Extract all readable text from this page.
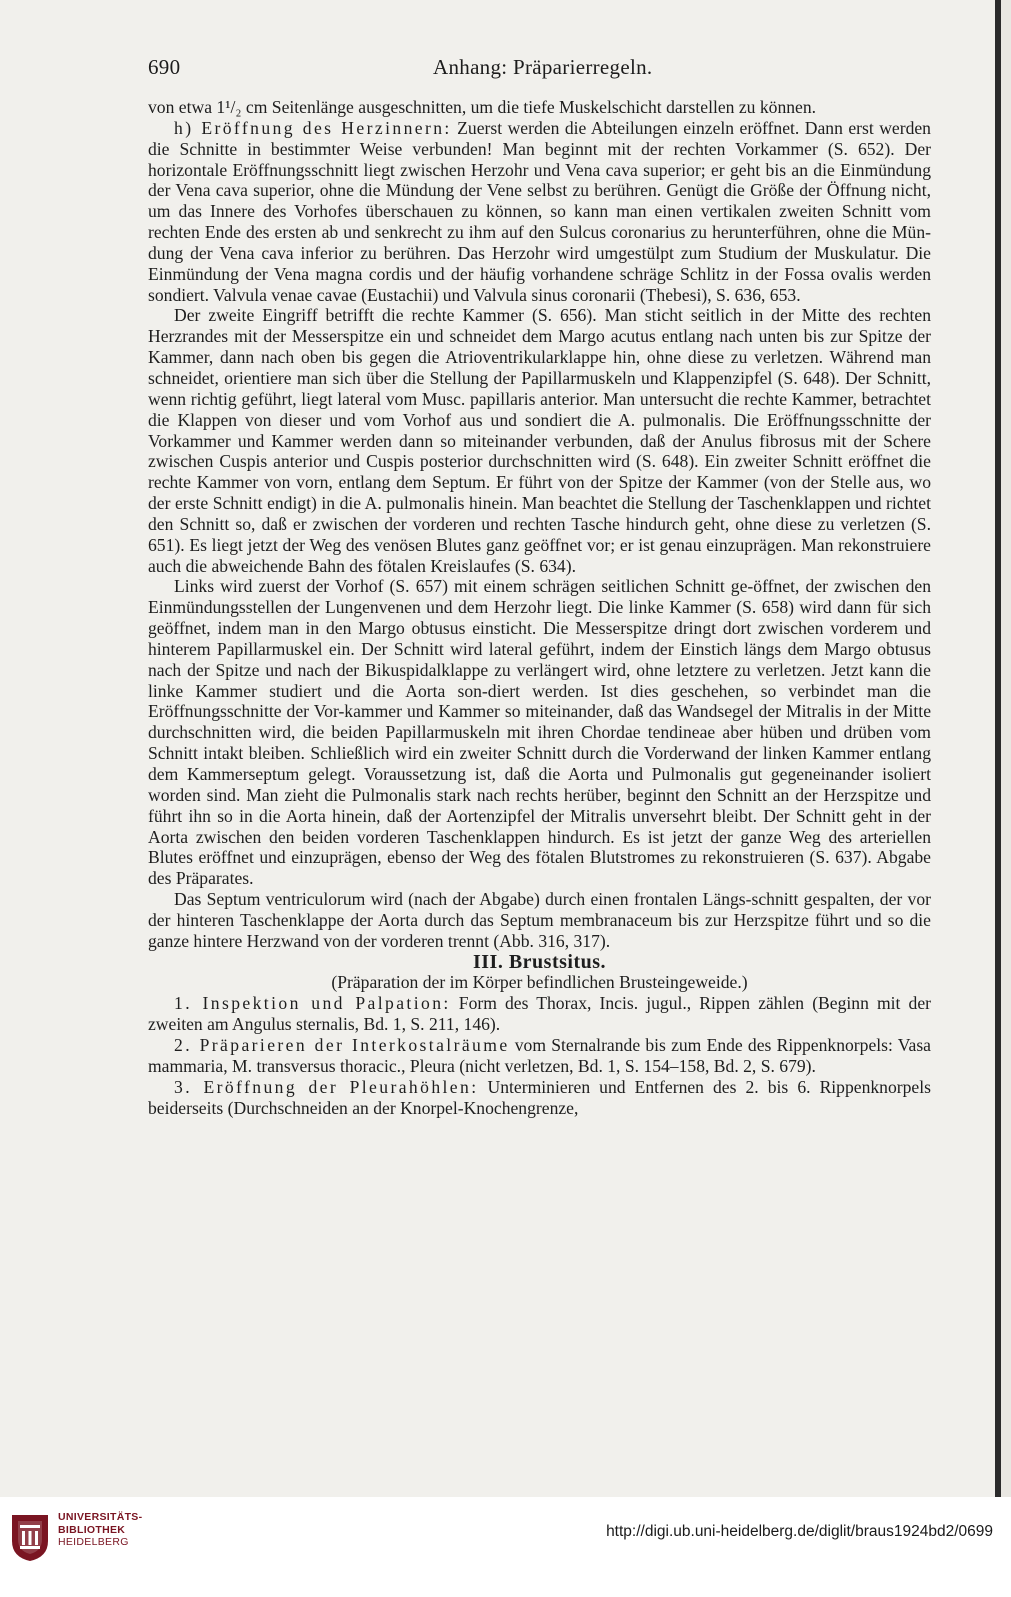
690	Anhang: Präparierregeln.

von etwa 1¹/₂ cm Seitenlänge ausgeschnitten, um die tiefe Muskelschicht darstellen zu können.

h) Eröffnung des Herzinnern: Zuerst werden die Abteilungen einzeln eröffnet. Dann erst werden die Schnitte in bestimmter Weise verbunden! Man beginnt mit der rechten Vorkammer (S. 652). Der horizontale Eröffnungsschnitt liegt zwischen Herzohr und Vena cava superior; er geht bis an die Einmündung der Vena cava superior, ohne die Mündung der Vene selbst zu berühren. Genügt die Größe der Öffnung nicht, um das Innere des Vorhofes überschauen zu können, so kann man einen vertikalen zweiten Schnitt vom rechten Ende des ersten ab und senkrecht zu ihm auf den Sulcus coronarius zu herunterführen, ohne die Mün-dung der Vena cava inferior zu berühren. Das Herzohr wird umgestülpt zum Studium der Muskulatur. Die Einmündung der Vena magna cordis und der häufig vorhandene schräge Schlitz in der Fossa ovalis werden sondiert. Valvula venae cavae (Eustachii) und Valvula sinus coronarii (Thebesi), S. 636, 653.

Der zweite Eingriff betrifft die rechte Kammer (S. 656). Man sticht seitlich in der Mitte des rechten Herzrandes mit der Messerspitze ein und schneidet dem Margo acutus entlang nach unten bis zur Spitze der Kammer, dann nach oben bis gegen die Atrioventrikularklappe hin, ohne diese zu verletzen. Während man schneidet, orientiere man sich über die Stellung der Papillarmuskeln und Klappenzipfel (S. 648). Der Schnitt, wenn richtig geführt, liegt lateral vom Musc. papillaris anterior. Man untersucht die rechte Kammer, betrachtet die Klappen von dieser und vom Vorhof aus und sondiert die A. pulmonalis. Die Eröffnungsschnitte der Vorkammer und Kammer werden dann so miteinander verbunden, daß der Anulus fibrosus mit der Schere zwischen Cuspis anterior und Cuspis posterior durchschnitten wird (S. 648). Ein zweiter Schnitt eröffnet die rechte Kammer von vorn, entlang dem Septum. Er führt von der Spitze der Kammer (von der Stelle aus, wo der erste Schnitt endigt) in die A. pulmonalis hinein. Man beachtet die Stellung der Taschenklappen und richtet den Schnitt so, daß er zwischen der vorderen und rechten Tasche hindurch geht, ohne diese zu verletzen (S. 651). Es liegt jetzt der Weg des venösen Blutes ganz geöffnet vor; er ist genau einzuprägen. Man rekonstruiere auch die abweichende Bahn des fötalen Kreislaufes (S. 634).

Links wird zuerst der Vorhof (S. 657) mit einem schrägen seitlichen Schnitt ge-öffnet, der zwischen den Einmündungsstellen der Lungenvenen und dem Herzohr liegt. Die linke Kammer (S. 658) wird dann für sich geöffnet, indem man in den Margo obtusus einsticht. Die Messerspitze dringt dort zwischen vorderem und hinterem Papillarmuskel ein. Der Schnitt wird lateral geführt, indem der Einstich längs dem Margo obtusus nach der Spitze und nach der Bikuspidalklappe zu verlängert wird, ohne letztere zu verletzen. Jetzt kann die linke Kammer studiert und die Aorta son-diert werden. Ist dies geschehen, so verbindet man die Eröffnungsschnitte der Vor-kammer und Kammer so miteinander, daß das Wandsegel der Mitralis in der Mitte durchschnitten wird, die beiden Papillarmuskeln mit ihren Chordae tendineae aber hüben und drüben vom Schnitt intakt bleiben. Schließlich wird ein zweiter Schnitt durch die Vorderwand der linken Kammer entlang dem Kammerseptum gelegt. Voraussetzung ist, daß die Aorta und Pulmonalis gut gegeneinander isoliert worden sind. Man zieht die Pulmonalis stark nach rechts herüber, beginnt den Schnitt an der Herzspitze und führt ihn so in die Aorta hinein, daß der Aortenzipfel der Mitralis unversehrt bleibt. Der Schnitt geht in der Aorta zwischen den beiden vorderen Taschenklappen hindurch. Es ist jetzt der ganze Weg des arteriellen Blutes eröffnet und einzuprägen, ebenso der Weg des fötalen Blutstromes zu rekonstruieren (S. 637). Abgabe des Präparates.

Das Septum ventriculorum wird (nach der Abgabe) durch einen frontalen Längs-schnitt gespalten, der vor der hinteren Taschenklappe der Aorta durch das Septum membranaceum bis zur Herzspitze führt und so die ganze hintere Herzwand von der vorderen trennt (Abb. 316, 317).

III. Brustsitus.

(Präparation der im Körper befindlichen Brusteingeweide.)

1. Inspektion und Palpation: Form des Thorax, Incis. jugul., Rippen zählen (Beginn mit der zweiten am Angulus sternalis, Bd. 1, S. 211, 146).

2. Präparieren der Interkostalräume vom Sternalrande bis zum Ende des Rippenknorpels: Vasa mammaria, M. transversus thoracic., Pleura (nicht verletzen, Bd. 1, S. 154–158, Bd. 2, S. 679).

3. Eröffnung der Pleurahöhlen: Unterminieren und Entfernen des 2. bis 6. Rippenknorpels beiderseits (Durchschneiden an der Knorpel-Knochengrenze,

UNIVERSITÄTS-
BIBLIOTHEK
HEIDELBERG
http://digi.ub.uni-heidelberg.de/diglit/braus1924bd2/0699
